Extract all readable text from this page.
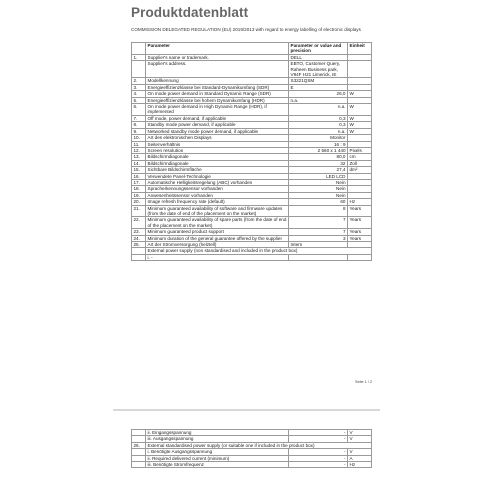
Produktdatenblatt
COMMISSION DELEGATED REGULATION (EU) 2019/2013 with regard to energy labelling of electronic displays
	Parameter	Parameter or value and precision	Einheit
1.	Supplier's name or trademark.	DELL	
	Supplier's address.	EBTO, Customer Query, Raheen Business park, V94F H21 Limerick, IE	
2.	Modellkennung	S3221QSM	
3.	Energieeffizienzklasse bei Standard-Dynamikumfang (SDR)	E	
4.	On mode power demand in Standard Dynamic Range (SDR)	26,0	W
5.	Energieeffizienzklasse bei hohem Dynamikumfang (HDR)	n.a.	
6.	On mode power demand in High Dynamic Range (HDR), if implemented	n.a.	W
7.	Off mode, power demand, if applicable	0,3	W
8.	Standby mode power demand, if applicable	0,3	W
9.	Networked standby mode power demand, if applicable	n.a.	W
10.	Art des elektronischen Displays	Monitor	
11.	Seitenverhältnis	16 : 9	
12.	Screen resolution	2 560 x 1 440	Pixels
13.	Bildschirmdiagonale	80,0	cm
14.	Bildschirmdiagonale	32	Zoll
15.	Sichtbare Bildschirmfläche	27,4	dm²
16.	Verwendete Panel-Technologie	LED LCD	
17.	Automatische Helligkeitsregelung (ABC) vorhanden	Nein	
18.	Spracherkennungssensor vorhanden	Nein	
19.	Anwesenheitssensor vorhanden	Nein	
20.	Image refresh frequency rate (default)	60	Hz
21.	Minimum guaranteed availability of software and firmware updates (from the date of end of the placement on the market)	8	Years
22.	Minimum guaranteed availability of spare parts (from the date of end of the placement on the market)	7	Years
23.	Minimum guaranteed product support	7	Years
24.	Minimum duration of the general guarantee offered by the supplier	3	Years
25.	Art der Stromversorgung (helztell)	Intern	
	External power supply (non standardised and included in the product box)		
	i. -		
Seite 1 / 2
	ii. Eingangsspannung	-	V
	iii. Ausgangsspannung	-	V
26.	External standardised power supply (or suitable one if included in the product box)		
	i. Benötigte Ausgangsspannung	-	V
	ii. Required delivered current (minimum)	-	A
	iii. Benötigte Stromfrequenz	-	Hz
